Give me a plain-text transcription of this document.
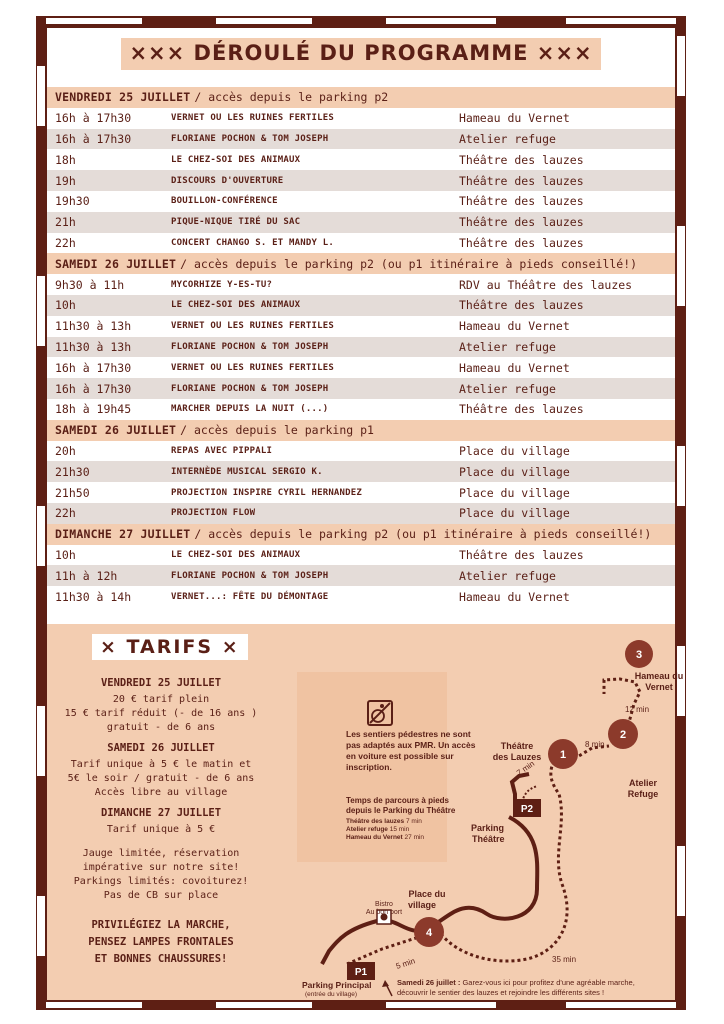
××× DÉROULÉ DU PROGRAMME ×××
VENDREDI 25 JUILLET / accès depuis le parking p2
16h à 17h30	VERNET OU LES RUINES FERTILES	Hameau du Vernet
16h à 17h30	FLORIANE POCHON & TOM JOSEPH	Atelier refuge
18h	LE CHEZ-SOI DES ANIMAUX	Théâtre des lauzes
19h	DISCOURS D'OUVERTURE	Théâtre des lauzes
19h30	BOUILLON-CONFÉRENCE	Théâtre des lauzes
21h	PIQUE-NIQUE TIRÉ DU SAC	Théâtre des lauzes
22h	CONCERT CHANGO S. ET MANDY L.	Théâtre des lauzes
SAMEDI 26 JUILLET / accès depuis le parking p2 (ou p1 itinéraire à pieds conseillé!)
9h30 à 11h	MYCORHIZE Y-ES-TU?	RDV au Théâtre des lauzes
10h	LE CHEZ-SOI DES ANIMAUX	Théâtre des lauzes
11h30 à 13h	VERNET OU LES RUINES FERTILES	Hameau du Vernet
11h30 à 13h	FLORIANE POCHON & TOM JOSEPH	Atelier refuge
16h à 17h30	VERNET OU LES RUINES FERTILES	Hameau du Vernet
16h à 17h30	FLORIANE POCHON & TOM JOSEPH	Atelier refuge
18h à 19h45	MARCHER DEPUIS LA NUIT (...)	Théâtre des lauzes
SAMEDI 26 JUILLET / accès depuis le parking p1
20h	REPAS AVEC PIPPALI	Place du village
21h30	INTERNÈDE MUSICAL SERGIO K.	Place du village
21h50	PROJECTION INSPIRE CYRIL HERNANDEZ	Place du village
22h	PROJECTION FLOW	Place du village
DIMANCHE 27 JUILLET / accès depuis le parking p2 (ou p1 itinéraire à pieds conseillé!)
10h	LE CHEZ-SOI DES ANIMAUX	Théâtre des lauzes
11h à 12h	FLORIANE POCHON & TOM JOSEPH	Atelier refuge
11h30 à 14h	VERNET...: FÊTE DU DÉMONTAGE	Hameau du Vernet
× TARIFS ×
VENDREDI 25 JUILLET
20 € tarif plein
15 € tarif réduit (- de 16 ans )
gratuit - de 6 ans
SAMEDI 26 JUILLET
Tarif unique à 5 € le matin et
5€ le soir / gratuit - de 6 ans
Accès libre au village
DIMANCHE 27 JUILLET
Tarif unique à 5 €
Jauge limitée, réservation
impérative sur notre site!
Parkings limités: covoiturez!
Pas de CB sur place
PRIVILÉGIEZ LA MARCHE,
PENSEZ LAMPES FRONTALES
ET BONNES CHAUSSURES!
Les sentiers pédestres ne sont
pas adaptés aux PMR. Un accès
en voiture est possible sur
inscription.
Temps de parcours à pieds
depuis le Parking du Théâtre
Théâtre des lauzes 7 min
Atelier refuge 15 min
Hameau du Vernet 27 min
1
2
3
4
P2
P1
Hameau du
Vernet
Théâtre
des Lauzes
Atelier
Refuge
Parking
Théâtre
Place du
village
Bistro
Au bon port
Parking Principal
(entrée du village)
12 min
8 min
7 min
35 min
5 min
Samedi 26 juillet : Garez-vous ici pour profitez d'une agréable marche,
découvrir le sentier des lauzes et rejoindre les différents sites !
